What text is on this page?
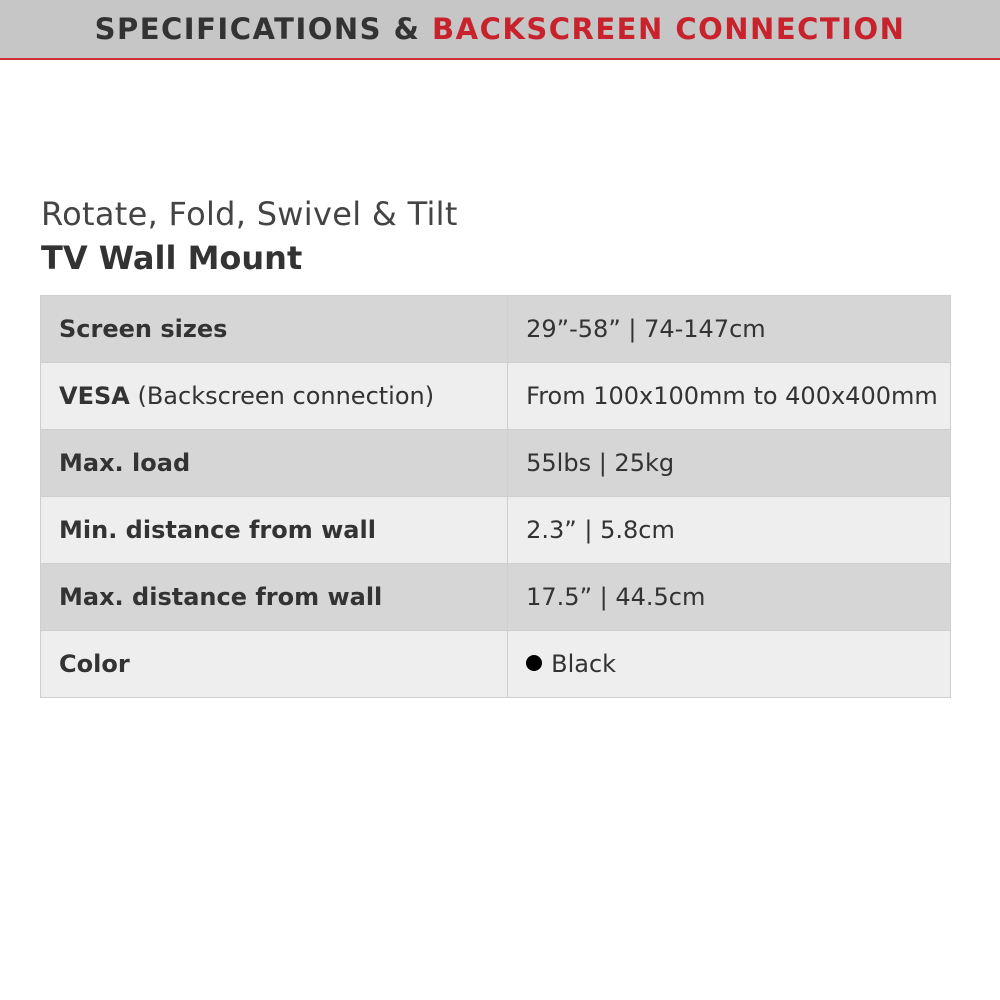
SPECIFICATIONS & BACKSCREEN CONNECTION
Rotate, Fold, Swivel & Tilt
TV Wall Mount
Screen sizes	29”-58” | 74-147cm
VESA (Backscreen connection)	From 100x100mm to 400x400mm
Max. load	55lbs | 25kg
Min. distance from wall	2.3” | 5.8cm
Max. distance from wall	17.5” | 44.5cm
Color	Black
